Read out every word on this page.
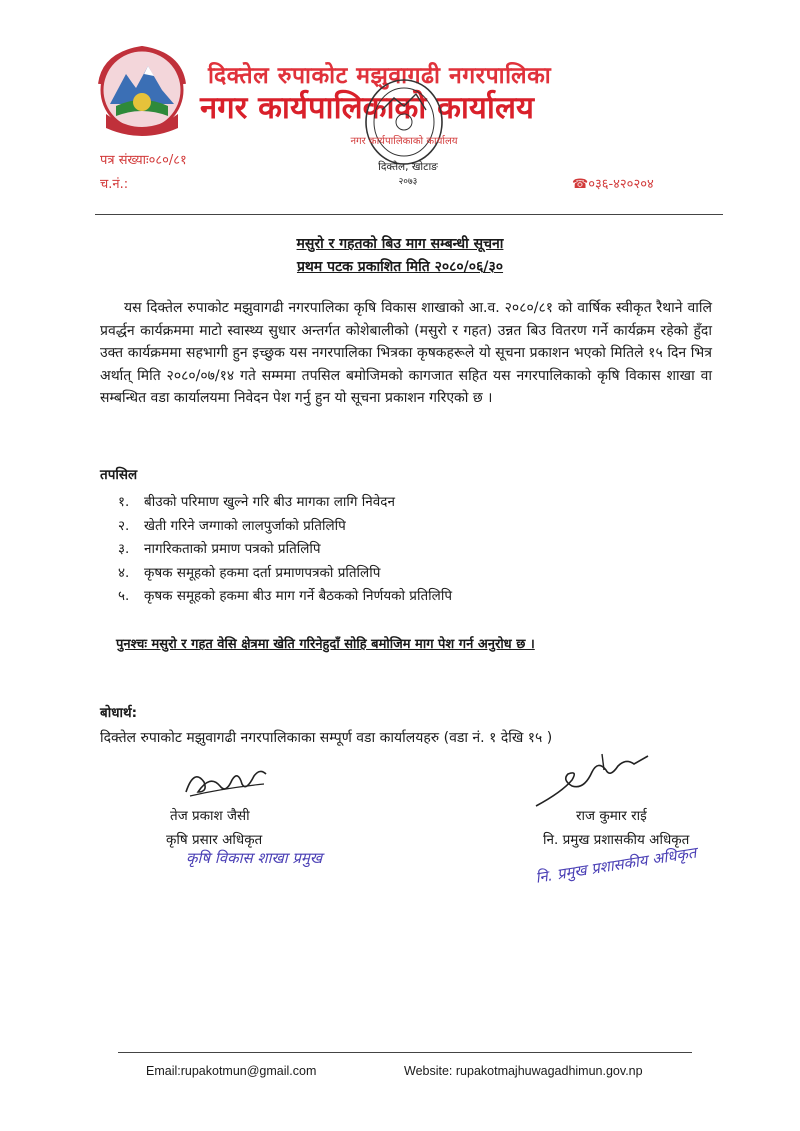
दिक्तेल रुपाकोट मझुवागढी नगरपालिका
नगर कार्यपालिकाको कार्यालय
नगर कार्यपालिकाको कार्यालय
दिक्तेल, खोटाङ
२०७३
पत्र संख्याः०८०/८१
च.नं.:	☎०३६-४२०२०४
मसुरो र गहतको बिउ माग सम्बन्धी सूचना
प्रथम पटक प्रकाशित मिति २०८०/०६/३०

यस दिक्तेल रुपाकोट मझुवागढी नगरपालिका कृषि विकास शाखाको आ.व. २०८०/८१ को वार्षिक स्वीकृत रैथाने वालि प्रवर्द्धन कार्यक्रममा माटो स्वास्थ्य सुधार अन्तर्गत कोशेबालीको (मसुरो र गहत) उन्नत बिउ वितरण गर्ने कार्यक्रम रहेको हुँदा उक्त कार्यक्रममा सहभागी हुन इच्छुक यस नगरपालिका भित्रका कृषकहरूले यो सूचना प्रकाशन भएको मितिले १५ दिन भित्र अर्थात् मिति २०८०/०७/१४ गते सम्ममा तपसिल बमोजिमको कागजात सहित यस नगरपालिकाको कृषि विकास शाखा वा सम्बन्धित वडा कार्यालयमा निवेदन पेश गर्नु हुन यो सूचना प्रकाशन गरिएको छ ।

तपसिल
१. बीउको परिमाण खुल्ने गरि बीउ मागका लागि निवेदन
२. खेती गरिने जग्गाको लालपुर्जाको प्रतिलिपि
३. नागरिकताको प्रमाण पत्रको प्रतिलिपि
४. कृषक समूहको हकमा दर्ता प्रमाणपत्रको प्रतिलिपि
५. कृषक समूहको हकमा बीउ माग गर्ने बैठकको निर्णयको प्रतिलिपि
पुनश्चः मसुरो र गहत वेसि क्षेत्रमा खेति गरिनेहुदाँ सोहि बमोजिम माग पेश गर्न अनुरोध छ ।
बोधार्थ:
दिक्तेल रुपाकोट मझुवागढी नगरपालिकाका सम्पूर्ण वडा कार्यालयहरु (वडा नं. १ देखि १५ )
तेज प्रकाश जैसी
कृषि प्रसार अधिकृत
कृषि विकास शाखा प्रमुख
राज कुमार राई
नि. प्रमुख प्रशासकीय अधिकृत
नि. प्रमुख प्रशासकीय अधिकृत
Email:rupakotmun@gmail.com	Website: rupakotmajhuwagadhimun.gov.np
